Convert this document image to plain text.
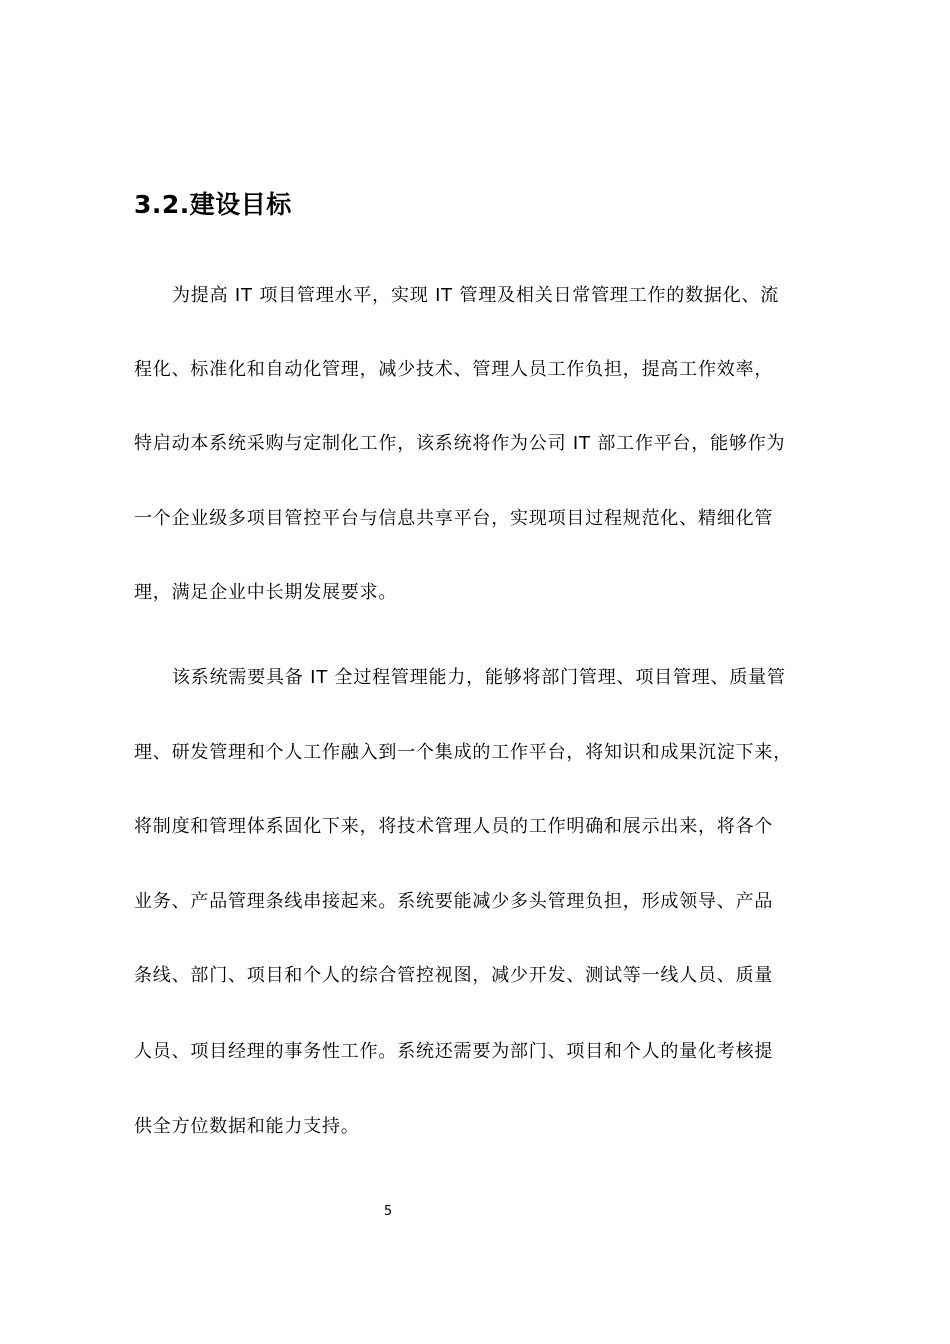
3.2.建设目标
为提高 IT 项目管理水平，实现 IT 管理及相关日常管理工作的数据化、流
程化、标准化和自动化管理，减少技术、管理人员工作负担，提高工作效率，
特启动本系统采购与定制化工作，该系统将作为公司 IT 部工作平台，能够作为
一个企业级多项目管控平台与信息共享平台，实现项目过程规范化、精细化管
理，满足企业中长期发展要求。
该系统需要具备 IT 全过程管理能力，能够将部门管理、项目管理、质量管
理、研发管理和个人工作融入到一个集成的工作平台，将知识和成果沉淀下来，
将制度和管理体系固化下来，将技术管理人员的工作明确和展示出来，将各个
业务、产品管理条线串接起来。系统要能减少多头管理负担，形成领导、产品
条线、部门、项目和个人的综合管控视图，减少开发、测试等一线人员、质量
人员、项目经理的事务性工作。系统还需要为部门、项目和个人的量化考核提
供全方位数据和能力支持。
5
